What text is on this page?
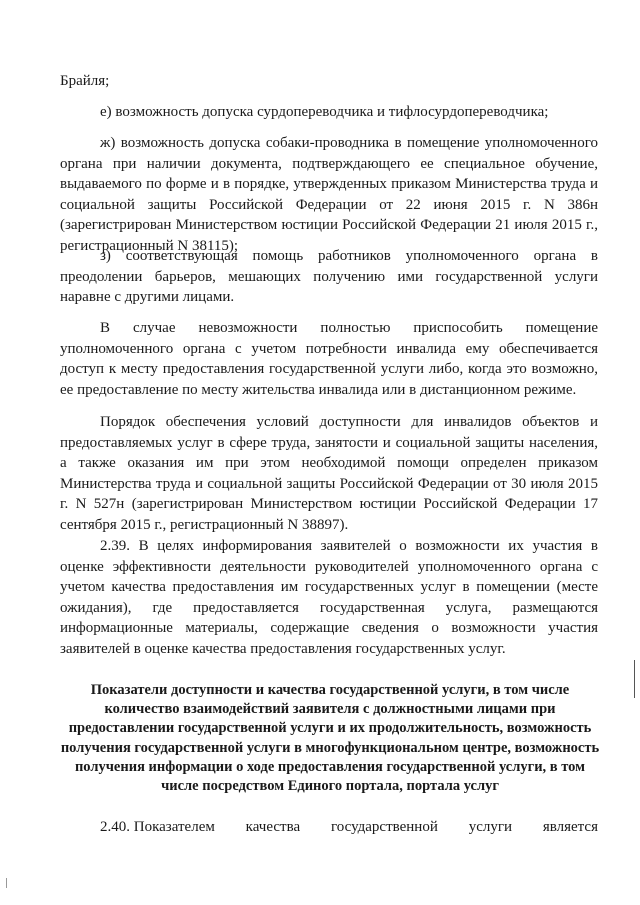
Брайля;

е) возможность допуска сурдопереводчика и тифлосурдопереводчика;

ж) возможность допуска собаки-проводника в помещение уполномоченного органа при наличии документа, подтверждающего ее специальное обучение, выдаваемого по форме и в порядке, утвержденных приказом Министерства труда и социальной защиты Российской Федерации от 22 июня 2015 г. N 386н (зарегистрирован Министерством юстиции Российской Федерации 21 июля 2015 г., регистрационный N 38115);

з) соответствующая помощь работников уполномоченного органа в преодолении барьеров, мешающих получению ими государственной услуги наравне с другими лицами.

В случае невозможности полностью приспособить помещение уполномоченного органа с учетом потребности инвалида ему обеспечивается доступ к месту предоставления государственной услуги либо, когда это возможно, ее предоставление по месту жительства инвалида или в дистанционном режиме.

Порядок обеспечения условий доступности для инвалидов объектов и предоставляемых услуг в сфере труда, занятости и социальной защиты населения, а также оказания им при этом необходимой помощи определен приказом Министерства труда и социальной защиты Российской Федерации от 30 июля 2015 г. N 527н (зарегистрирован Министерством юстиции Российской Федерации 17 сентября 2015 г., регистрационный N 38897).

2.39. В целях информирования заявителей о возможности их участия в оценке эффективности деятельности руководителей уполномоченного органа с учетом качества предоставления им государственных услуг в помещении (месте ожидания), где предоставляется государственная услуга, размещаются информационные материалы, содержащие сведения о возможности участия заявителей в оценке качества предоставления государственных услуг.

Показатели доступности и качества государственной услуги, в том числе количество взаимодействий заявителя с должностными лицами при предоставлении государственной услуги и их продолжительность, возможность получения государственной услуги в многофункциональном центре, возможность получения информации о ходе предоставления государственной услуги, в том числе посредством Единого портала, портала услуг

2.40. Показателем качества государственной услуги является
